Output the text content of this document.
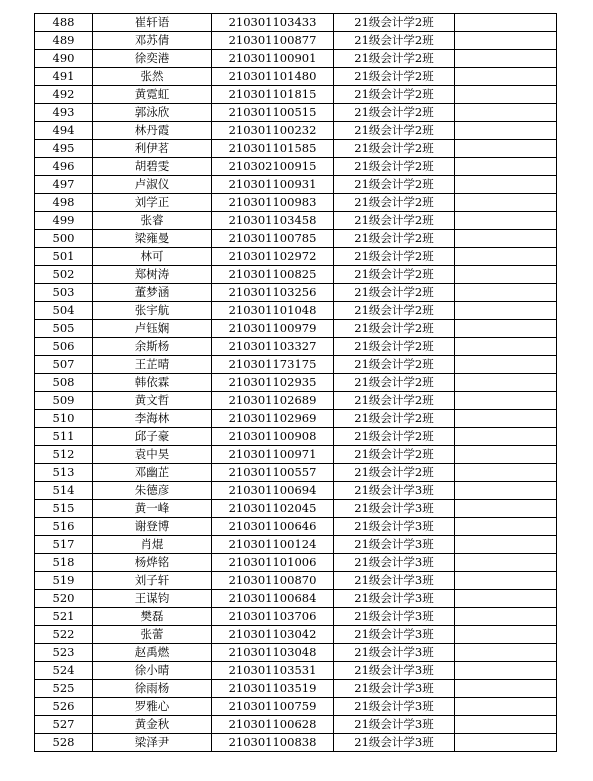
488	崔轩语	210301103433	21级会计学2班	
489	邓苏倩	210301100877	21级会计学2班	
490	徐奕港	210301100901	21级会计学2班	
491	张然	210301101480	21级会计学2班	
492	黄霓虹	210301101815	21级会计学2班	
493	郭泳欣	210301100515	21级会计学2班	
494	林丹霞	210301100232	21级会计学2班	
495	利伊茗	210301101585	21级会计学2班	
496	胡碧雯	210302100915	21级会计学2班	
497	卢淑仪	210301100931	21级会计学2班	
498	刘学正	210301100983	21级会计学2班	
499	张睿	210301103458	21级会计学2班	
500	梁雍曼	210301100785	21级会计学2班	
501	林可	210301102972	21级会计学2班	
502	郑树涛	210301100825	21级会计学2班	
503	董梦涵	210301103256	21级会计学2班	
504	张宇航	210301101048	21级会计学2班	
505	卢钰娴	210301100979	21级会计学2班	
506	余斯杨	210301103327	21级会计学2班	
507	王芷晴	210301173175	21级会计学2班	
508	韩依霖	210301102935	21级会计学2班	
509	黄文哲	210301102689	21级会计学2班	
510	李海林	210301102969	21级会计学2班	
511	邱子豪	210301100908	21级会计学2班	
512	袁中昊	210301100971	21级会计学2班	
513	邓幽芷	210301100557	21级会计学2班	
514	朱德彦	210301100694	21级会计学3班	
515	黄一峰	210301102045	21级会计学3班	
516	谢登博	210301100646	21级会计学3班	
517	肖焜	210301100124	21级会计学3班	
518	杨烨铭	210301101006	21级会计学3班	
519	刘子轩	210301100870	21级会计学3班	
520	王谋钧	210301100684	21级会计学3班	
521	樊磊	210301103706	21级会计学3班	
522	张蕾	210301103042	21级会计学3班	
523	赵禹燃	210301103048	21级会计学3班	
524	徐小晴	210301103531	21级会计学3班	
525	徐雨杨	210301103519	21级会计学3班	
526	罗雅心	210301100759	21级会计学3班	
527	黄金秋	210301100628	21级会计学3班	
528	梁泽尹	210301100838	21级会计学3班	
